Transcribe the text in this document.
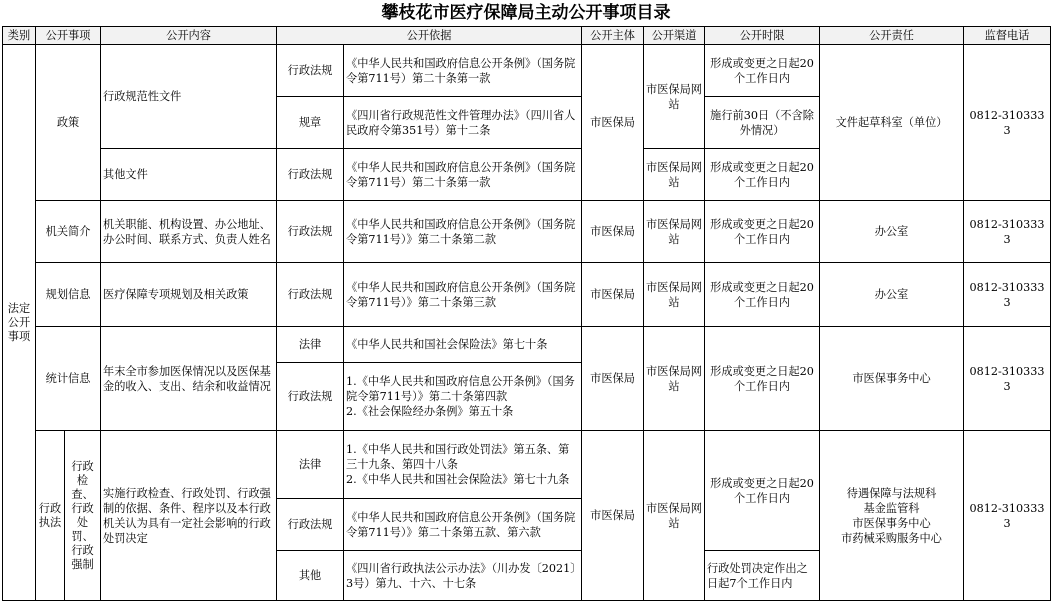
攀枝花市医疗保障局主动公开事项目录
类别	公开事项		公开内容	公开依据		公开主体	公开渠道	公开时限	公开责任	监督电话
法定公开事项	政策		行政规范性文件	行政法规	《中华人民共和国政府信息公开条例》（国务院令第711号）第二十条第一款	市医保局	市医保局网站	形成或变更之日起20个工作日内	文件起草科室（单位）	0812-3103333
				规章	《四川省行政规范性文件管理办法》（四川省人民政府令第351号）第十二条			施行前30日（不含除外情况）		
			其他文件	行政法规	《中华人民共和国政府信息公开条例》（国务院令第711号）第二十条第一款		市医保局网站	形成或变更之日起20个工作日内		
	机关简介		机关职能、机构设置、办公地址、办公时间、联系方式、负责人姓名	行政法规	《中华人民共和国政府信息公开条例》（国务院令第711号）》第二十条第二款	市医保局	市医保局网站	形成或变更之日起20个工作日内	办公室	0812-3103333
	规划信息		医疗保障专项规划及相关政策	行政法规	《中华人民共和国政府信息公开条例》（国务院令第711号）》第二十条第三款	市医保局	市医保局网站	形成或变更之日起20个工作日内	办公室	0812-3103333
	统计信息		年末全市参加医保情况以及医保基金的收入、支出、结余和收益情况	法律	《中华人民共和国社会保险法》第七十条	市医保局	市医保局网站	形成或变更之日起20个工作日内	市医保事务中心	0812-3103333
				行政法规	1.《中华人民共和国政府信息公开条例》（国务院令第711号）》第二十条第四款
2.《社会保险经办条例》第五十条					
	行政执法	行政检查、行政处罚、行政强制	实施行政检查、行政处罚、行政强制的依据、条件、程序以及本行政机关认为具有一定社会影响的行政处罚决定	法律	1.《中华人民共和国行政处罚法》第五条、第三十九条、第四十八条
2.《中华人民共和国社会保险法》第七十九条	市医保局	市医保局网站	形成或变更之日起20个工作日内	待遇保障与法规科
基金监管科
市医保事务中心
市药械采购服务中心	0812-3103333
				行政法规	《中华人民共和国政府信息公开条例》（国务院令第711号）》第二十条第五款、第六款					
				其他	《四川省行政执法公示办法》（川办发〔2021〕3号）第九、十六、十七条			行政处罚决定作出之日起7个工作日内		
